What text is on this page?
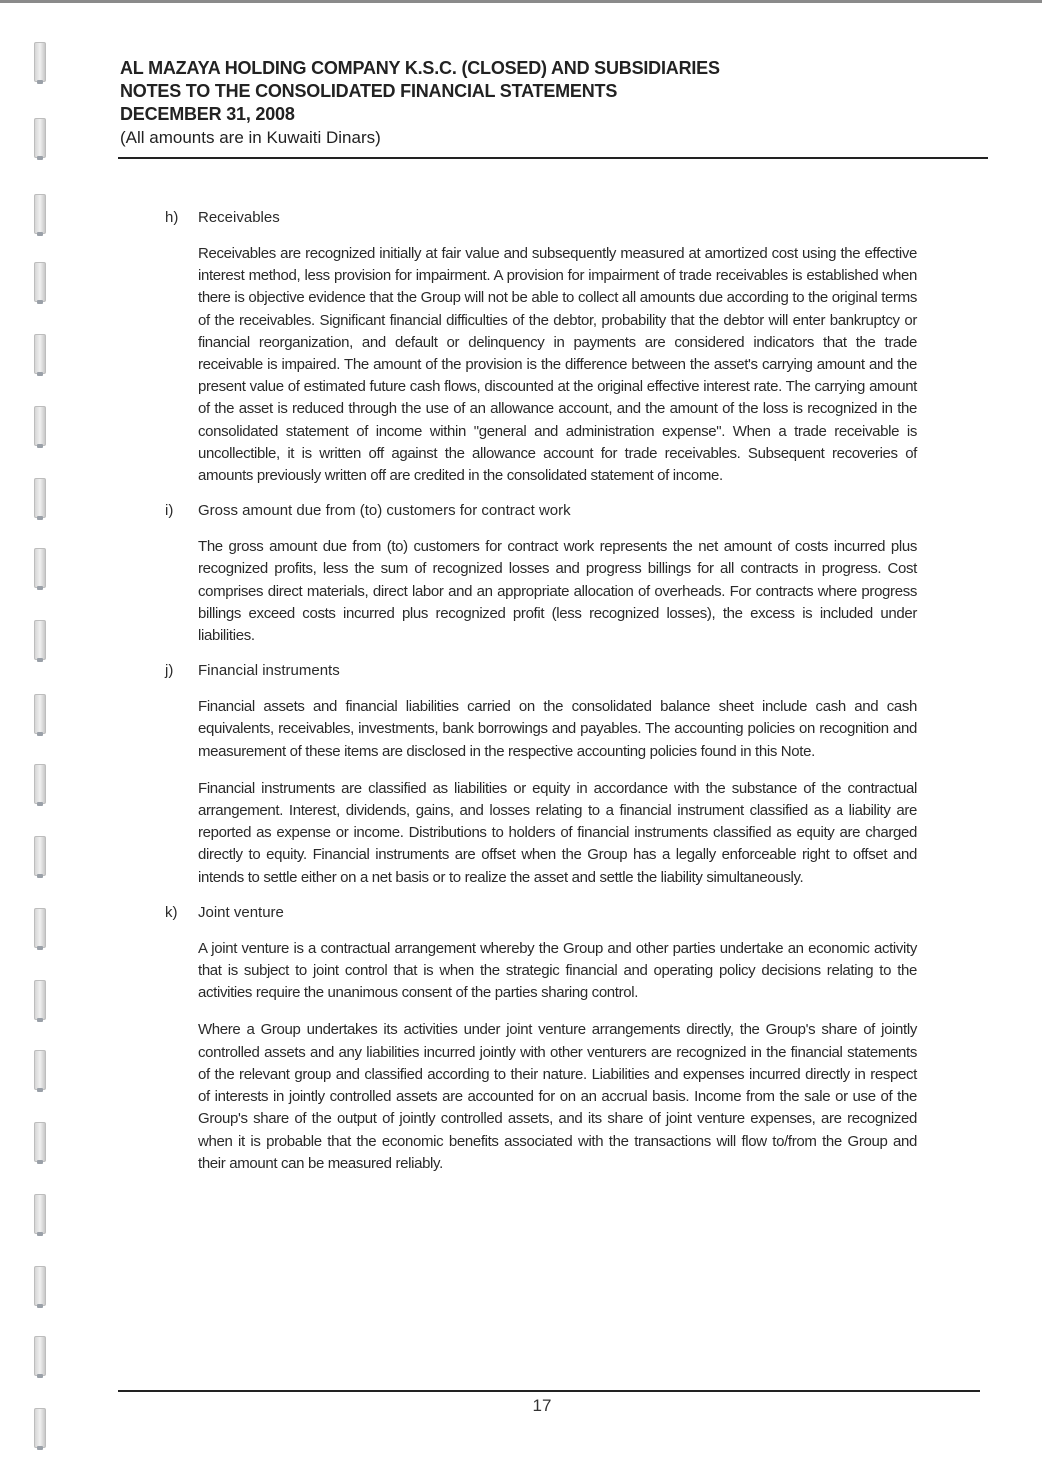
AL MAZAYA HOLDING COMPANY K.S.C. (CLOSED) AND SUBSIDIARIES
NOTES TO THE CONSOLIDATED FINANCIAL STATEMENTS
DECEMBER 31, 2008
(All amounts are in Kuwaiti Dinars)
h) Receivables

Receivables are recognized initially at fair value and subsequently measured at amortized cost using the effective interest method, less provision for impairment. A provision for impairment of trade receivables is established when there is objective evidence that the Group will not be able to collect all amounts due according to the original terms of the receivables. Significant financial difficulties of the debtor, probability that the debtor will enter bankruptcy or financial reorganization, and default or delinquency in payments are considered indicators that the trade receivable is impaired. The amount of the provision is the difference between the asset's carrying amount and the present value of estimated future cash flows, discounted at the original effective interest rate. The carrying amount of the asset is reduced through the use of an allowance account, and the amount of the loss is recognized in the consolidated statement of income within "general and administration expense". When a trade receivable is uncollectible, it is written off against the allowance account for trade receivables. Subsequent recoveries of amounts previously written off are credited in the consolidated statement of income.

i) Gross amount due from (to) customers for contract work

The gross amount due from (to) customers for contract work represents the net amount of costs incurred plus recognized profits, less the sum of recognized losses and progress billings for all contracts in progress. Cost comprises direct materials, direct labor and an appropriate allocation of overheads. For contracts where progress billings exceed costs incurred plus recognized profit (less recognized losses), the excess is included under liabilities.

j) Financial instruments

Financial assets and financial liabilities carried on the consolidated balance sheet include cash and cash equivalents, receivables, investments, bank borrowings and payables. The accounting policies on recognition and measurement of these items are disclosed in the respective accounting policies found in this Note.

Financial instruments are classified as liabilities or equity in accordance with the substance of the contractual arrangement. Interest, dividends, gains, and losses relating to a financial instrument classified as a liability are reported as expense or income. Distributions to holders of financial instruments classified as equity are charged directly to equity. Financial instruments are offset when the Group has a legally enforceable right to offset and intends to settle either on a net basis or to realize the asset and settle the liability simultaneously.

k) Joint venture

A joint venture is a contractual arrangement whereby the Group and other parties undertake an economic activity that is subject to joint control that is when the strategic financial and operating policy decisions relating to the activities require the unanimous consent of the parties sharing control.

Where a Group undertakes its activities under joint venture arrangements directly, the Group's share of jointly controlled assets and any liabilities incurred jointly with other venturers are recognized in the financial statements of the relevant group and classified according to their nature. Liabilities and expenses incurred directly in respect of interests in jointly controlled assets are accounted for on an accrual basis. Income from the sale or use of the Group's share of the output of jointly controlled assets, and its share of joint venture expenses, are recognized when it is probable that the economic benefits associated with the transactions will flow to/from the Group and their amount can be measured reliably.

17
